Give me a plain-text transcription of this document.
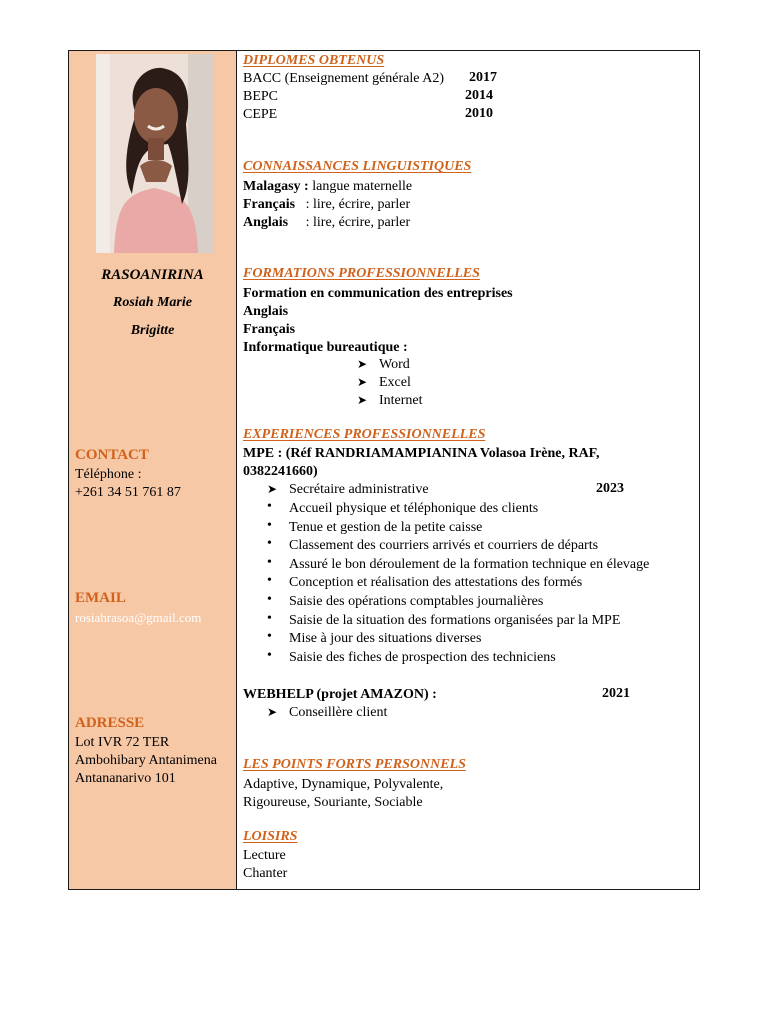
RASOANIRINA
Rosiah Marie
Brigitte
CONTACT
Téléphone :
+261 34 51 761 87
EMAIL
rosiahrasoa@gmail.com
ADRESSE
Lot IVR 72 TER
Ambohibary Antanimena
Antananarivo 101
DIPLOMES OBTENUS
BACC (Enseignement générale A2) 2017
BEPC	2014
CEPE	2010
CONNAISSANCES LINGUISTIQUES
Malagasy : langue maternelle
Français   : lire, écrire, parler
Anglais     : lire, écrire, parler
FORMATIONS PROFESSIONNELLES
Formation en communication des entreprises
Anglais
Français
Informatique bureautique :
➤ Word
➤ Excel
➤ Internet
EXPERIENCES PROFESSIONNELLES
MPE : (Réf RANDRIAMAMPIANINA Volasoa Irène, RAF,
0382241660)
➤ Secrétaire administrative	2023
• Accueil physique et téléphonique des clients
• Tenue et gestion de la petite caisse
• Classement des courriers arrivés et courriers de départs
• Assuré le bon déroulement de la formation technique en élevage
• Conception et réalisation des attestations des formés
• Saisie des opérations comptables journalières
• Saisie de la situation des formations organisées par la MPE
• Mise à jour des situations diverses
• Saisie des fiches de prospection des techniciens
WEBHELP (projet AMAZON) :	2021
➤ Conseillère client
LES POINTS FORTS PERSONNELS
Adaptive, Dynamique, Polyvalente,
Rigoureuse, Souriante, Sociable
LOISIRS
Lecture
Chanter
